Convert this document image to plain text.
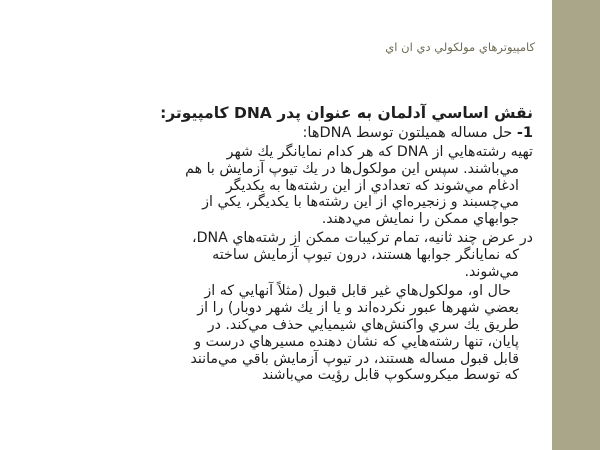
كامپيوترهاي مولكولي دي ان اي

نقش اساسي آدلمان به عنوان پدر DNA كامپيوتر:

1- حل مساله هميلتون توسط DNAها:

تهيه رشته‌هايي از DNA كه هر كدام نمايانگر يك شهر
مي‌باشند. سپس اين مولكول‌ها در يك تيوپ آزمايش با هم
ادغام مي‌شوند كه تعدادي از اين رشته‌ها به يكديگر
مي‌چسبند و زنجيره‌اي از اين رشته‌ها با يكديگر، يكي از
جوابهاي ممكن را نمايش مي‌دهند.

در عرض چند ثانيه، تمام تركيبات ممكن از رشته‌هاي DNA،
كه نمايانگر جوابها هستند، درون تيوپ آزمايش ساخته
مي‌شوند.

حال او، مولكول‌هاي غير قابل قبول (مثلاً آنهايي كه از
بعضي شهرها عبور نكرده‌اند و يا از يك شهر دوبار) را از
طريق يك سري واكنش‌هاي شيميايي حذف مي‌كند. در
پايان، تنها رشته‌هايي كه نشان دهنده مسيرهاي درست و
قابل قبول مساله هستند، در تيوپ آزمايش باقي مي‌مانند
كه توسط ميكروسكوپ قابل رؤيت مي‌باشند
